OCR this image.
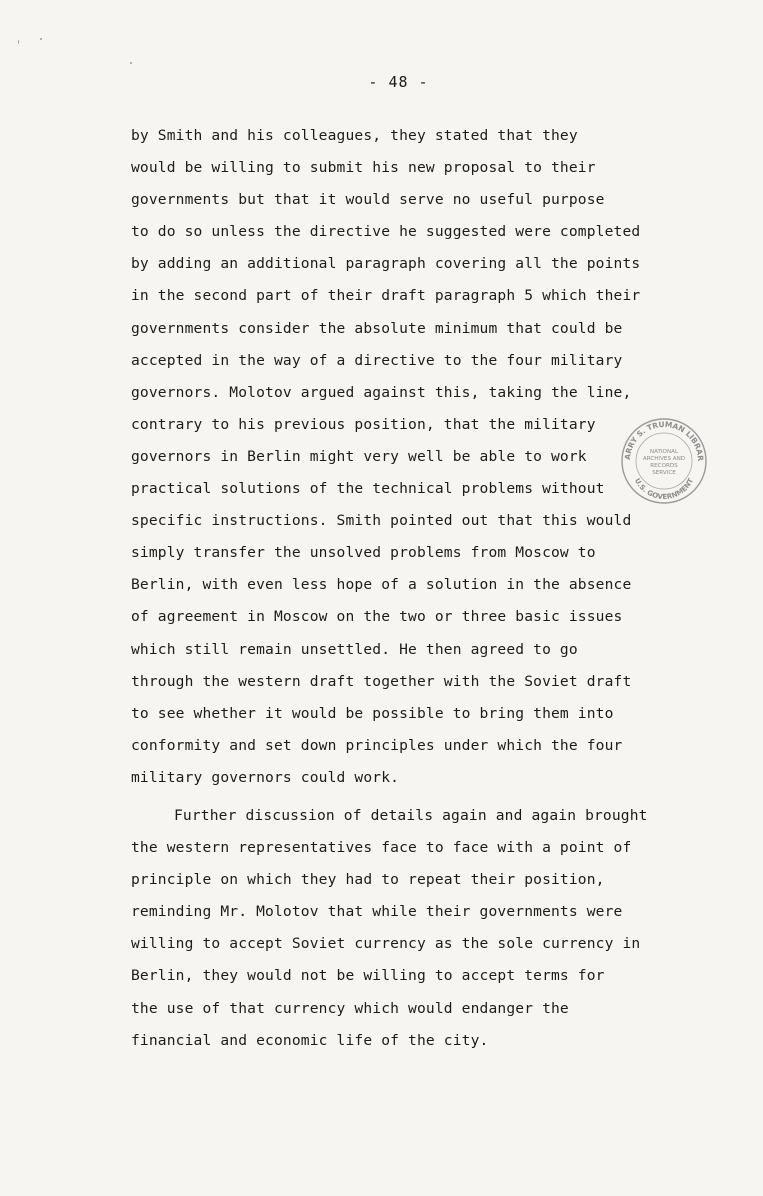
- 48 -
by Smith and his colleagues, they stated that they
would be willing to submit his new proposal to their
governments but that it would serve no useful purpose
to do so unless the directive he suggested were completed
by adding an additional paragraph covering all the points
in the second part of their draft paragraph 5 which their
governments consider the absolute minimum that could be
accepted in the way of a directive to the four military
governors. Molotov argued against this, taking the line,
contrary to his previous position, that the military
governors in Berlin might very well be able to work
practical solutions of the technical problems without
specific instructions. Smith pointed out that this would
simply transfer the unsolved problems from Moscow to
Berlin, with even less hope of a solution in the absence
of agreement in Moscow on the two or three basic issues
which still remain unsettled. He then agreed to go
through the western draft together with the Soviet draft
to see whether it would be possible to bring them into
conformity and set down principles under which the four
military governors could work.
Further discussion of details again and again brought
the western representatives face to face with a point of
principle on which they had to repeat their position,
reminding Mr. Molotov that while their governments were
willing to accept Soviet currency as the sole currency in
Berlin, they would not be willing to accept terms for
the use of that currency which would endanger the
financial and economic life of the city.
ARRY S. TRUMAN LIBRAR
U.S. GOVERNMENT
NATIONAL
ARCHIVES AND
RECORDS
SERVICE
